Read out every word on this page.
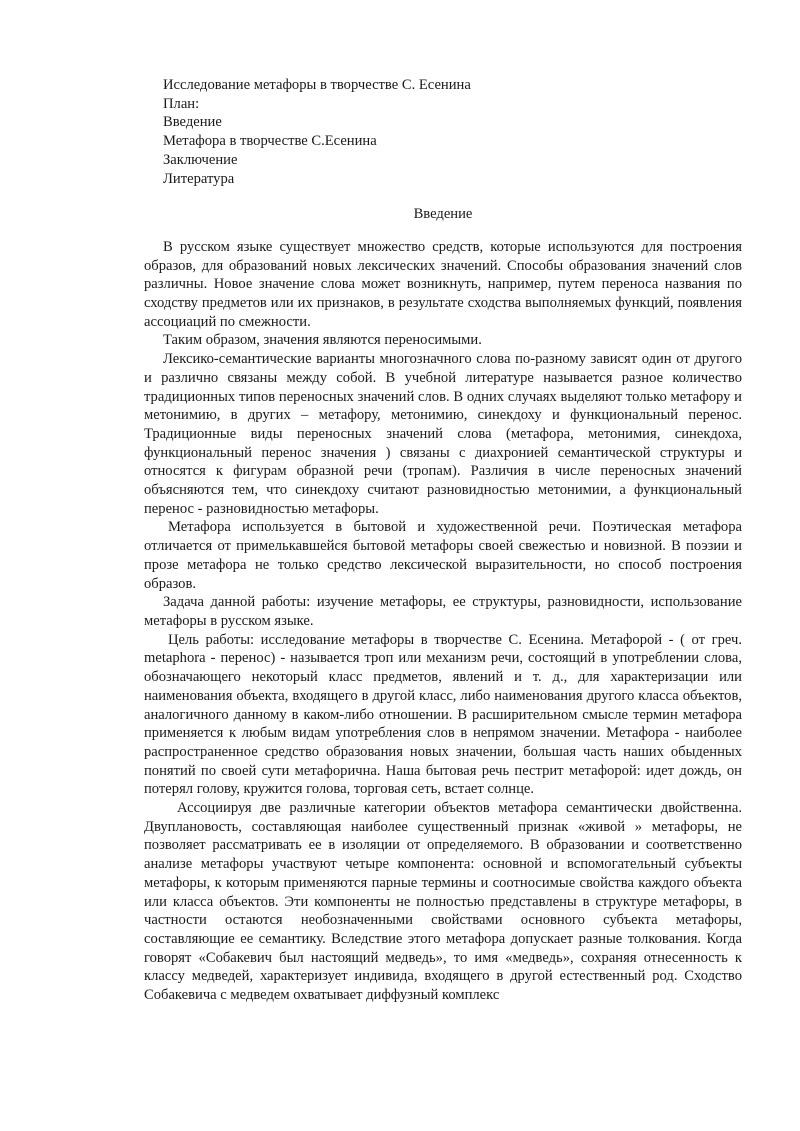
Исследование метафоры в творчестве С. Есенина

План:

Введение

Метафора в творчестве С.Есенина

Заключение

Литература

Введение

В русском языке существует множество средств, которые используются для построения образов, для образований новых лексических значений. Способы образования значений слов различны. Новое значение слова может возникнуть, например, путем переноса названия по сходству предметов или их признаков, в результате сходства выполняемых функций, появления ассоциаций по смежности.

Таким образом, значения являются переносимыми.

Лексико-семантические варианты многозначного слова по-разному зависят один от другого и различно связаны между собой. В учебной литературе называется разное количество традиционных типов переносных значений слов. В одних случаях выделяют только метафору и метонимию, в других – метафору, метонимию, синекдоху и функциональный перенос. Традиционные виды переносных значений слова (метафора, метонимия, синекдоха, функциональный перенос значения ) связаны с диахронией семантической структуры и относятся к фигурам образной речи (тропам). Различия в числе переносных значений объясняются тем, что синекдоху считают разновидностью метонимии, а функциональный перенос - разновидностью метафоры.

Метафора используется в бытовой и художественной речи. Поэтическая метафора отличается от примелькавшейся бытовой метафоры своей свежестью и новизной. В поэзии и прозе метафора не только средство лексической выразительности, но способ построения образов.

Задача данной работы: изучение метафоры, ее структуры, разновидности, использование метафоры в русском языке.

Цель работы: исследование метафоры в творчестве С. Есенина. Метафорой - ( от греч. metaphora - перенос) - называется троп или механизм речи, состоящий в употреблении слова, обозначающего некоторый класс предметов, явлений и т. д., для характеризации или наименования объекта, входящего в другой класс, либо наименования другого класса объектов, аналогичного данному в каком-либо отношении. В расширительном смысле термин метафора применяется к любым видам употребления слов в непрямом значении. Метафора - наиболее распространенное средство образования новых значении, большая часть наших обыденных понятий по своей сути метафорична. Наша бытовая речь пестрит метафорой: идет дождь, он потерял голову, кружится голова, торговая сеть, встает солнце.

Ассоциируя две различные категории объектов метафора семантически двойственна. Двуплановость, составляющая наиболее существенный признак «живой » метафоры, не позволяет рассматривать ее в изоляции от определяемого. В образовании и соответственно анализе метафоры участвуют четыре компонента: основной и вспомогательный субъекты метафоры, к которым применяются парные термины и соотносимые свойства каждого объекта или класса объектов. Эти компоненты не полностью представлены в структуре метафоры, в частности остаются необозначенными свойствами основного субъекта метафоры, составляющие ее семантику. Вследствие этого метафора допускает разные толкования. Когда говорят «Собакевич был настоящий медведь», то имя «медведь», сохраняя отнесенность к классу медведей, характеризует индивида, входящего в другой естественный род. Сходство Собакевича с медведем охватывает диффузный комплекс
